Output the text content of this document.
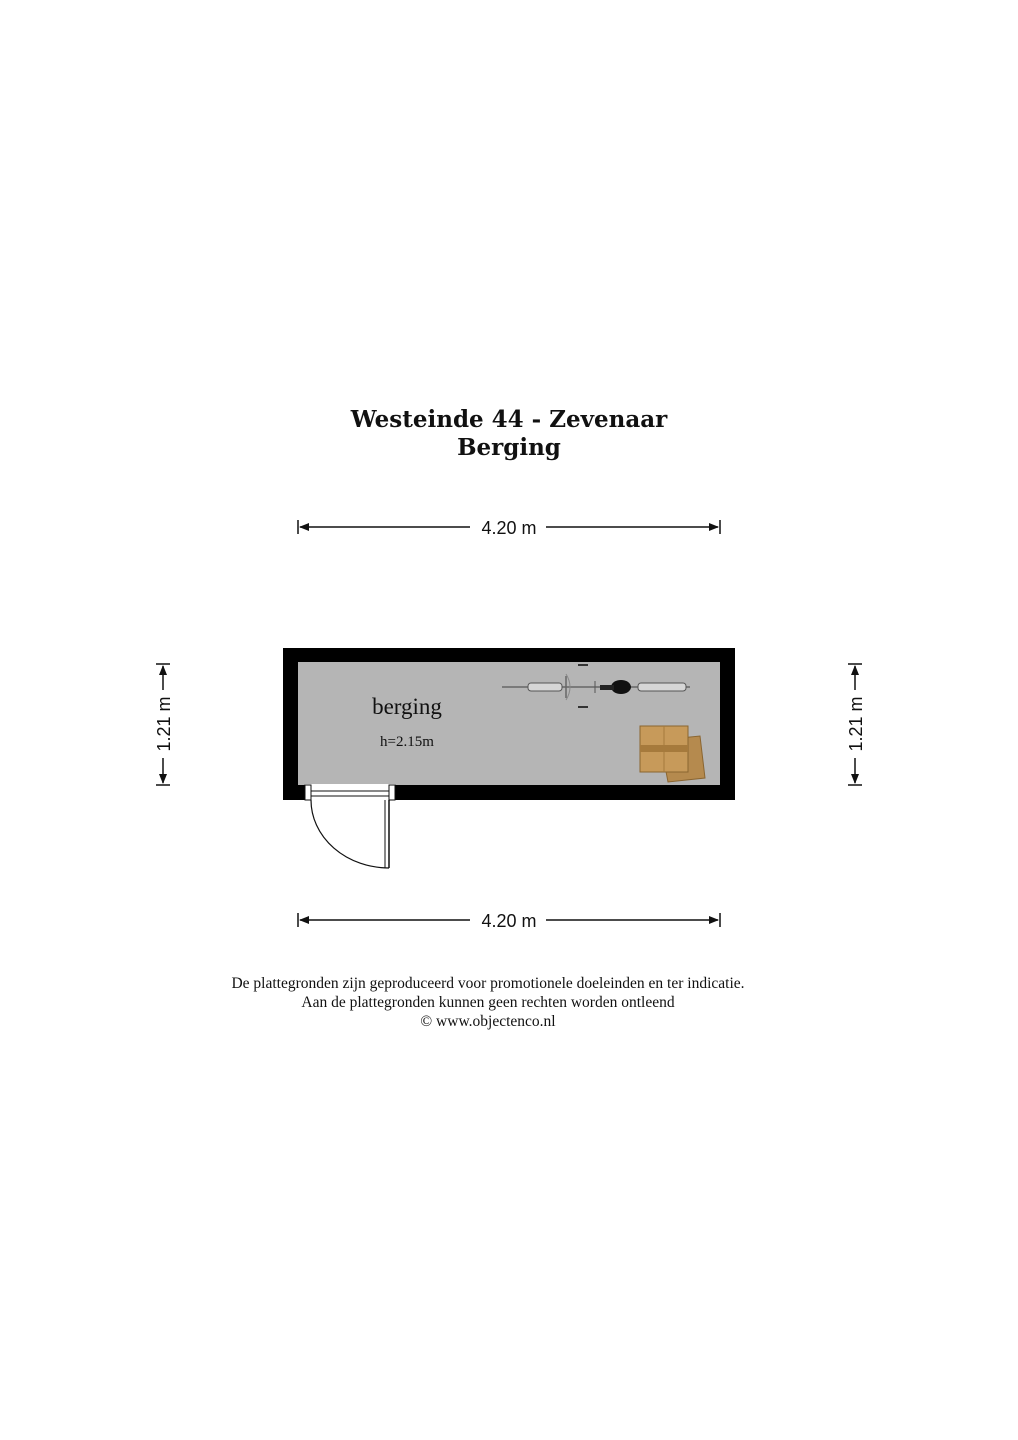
Westeinde 44 - Zevenaar
Berging
4.20 m
4.20 m
1.21 m	1.21 m
berging
h=2.15m
De plattegronden zijn geproduceerd voor promotionele doeleinden en ter indicatie.
Aan de plattegronden kunnen geen rechten worden ontleend
© www.objectenco.nl
